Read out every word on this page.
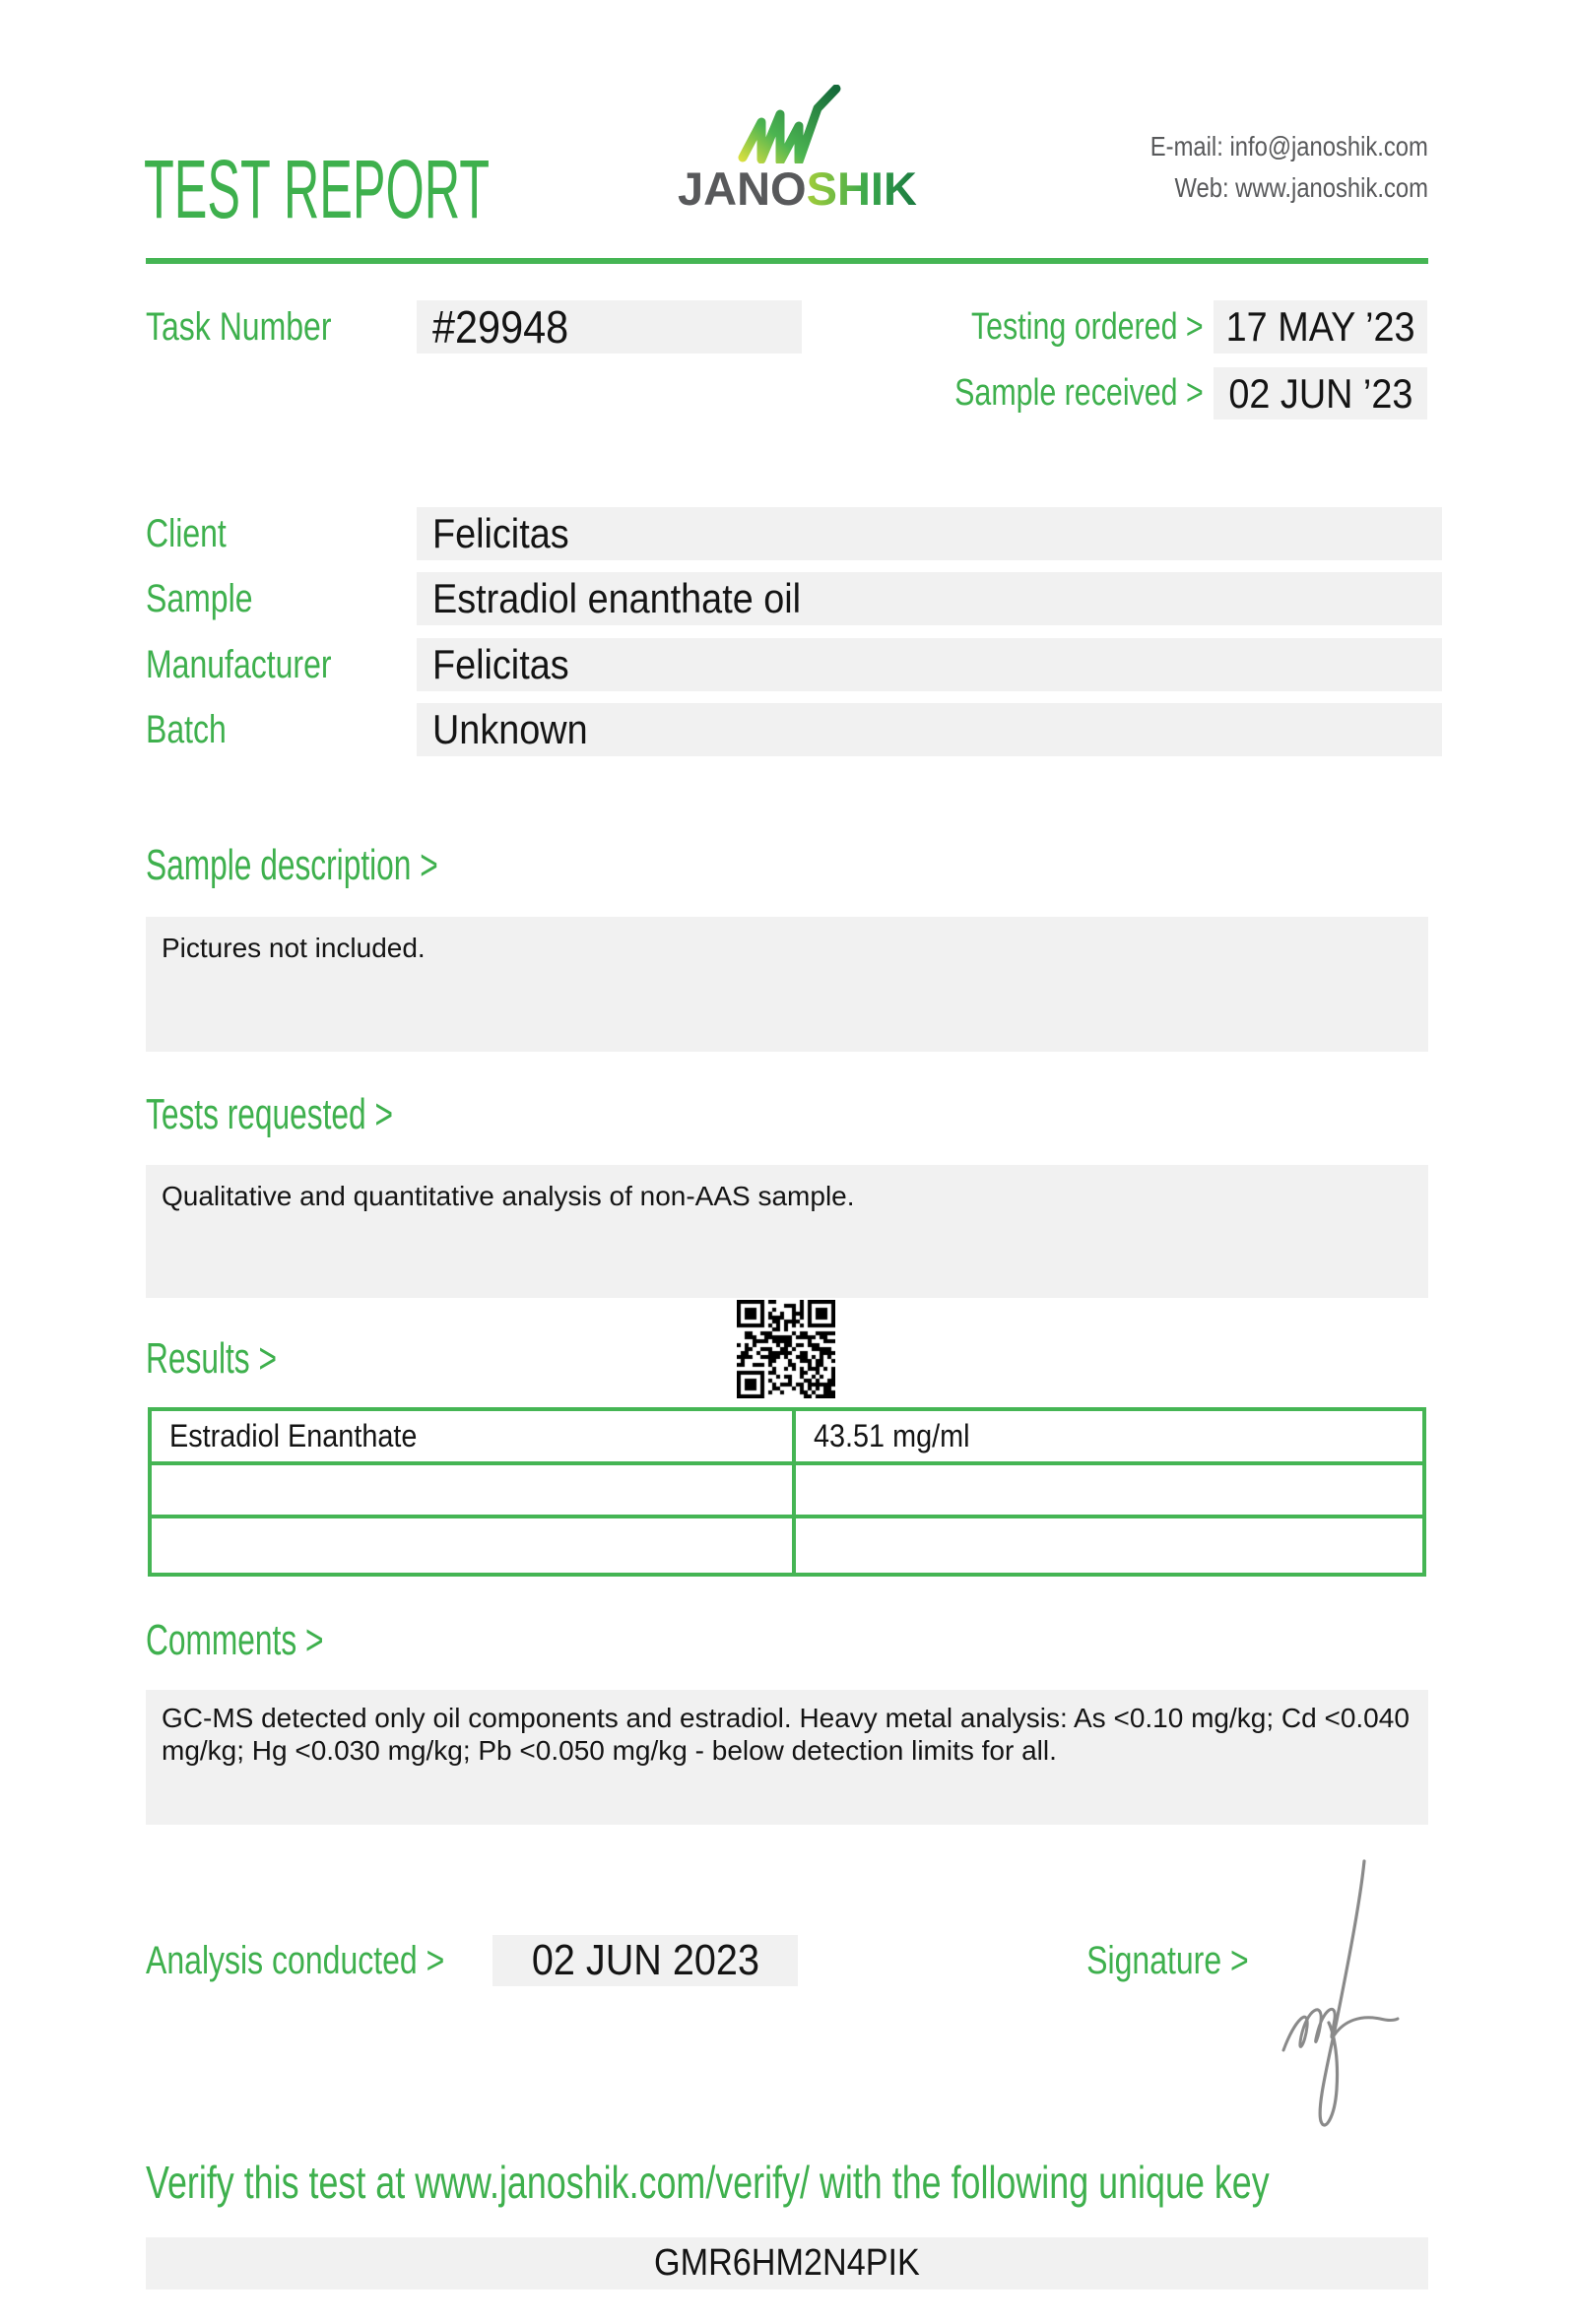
TEST REPORT	JANOSHIK
E-mail: info@janoshik.com
Web: www.janoshik.com
Task Number	#29948	Testing ordered > 17 MAY ’23
Sample received > 02 JUN ’23
Client	Felicitas
Sample	Estradiol enanthate oil
Manufacturer	Felicitas
Batch	Unknown
Sample description >
Pictures not included.
Tests requested >
Qualitative and quantitative analysis of non-AAS sample.
Results >
Estradiol Enanthate	43.51 mg/ml
Comments >
GC-MS detected only oil components and estradiol. Heavy metal analysis: As <0.10 mg/kg; Cd <0.040 mg/kg; Hg <0.030 mg/kg; Pb <0.050 mg/kg - below detection limits for all.
Analysis conducted >	02 JUN 2023	Signature >
Verify this test at www.janoshik.com/verify/ with the following unique key
GMR6HM2N4PIK
